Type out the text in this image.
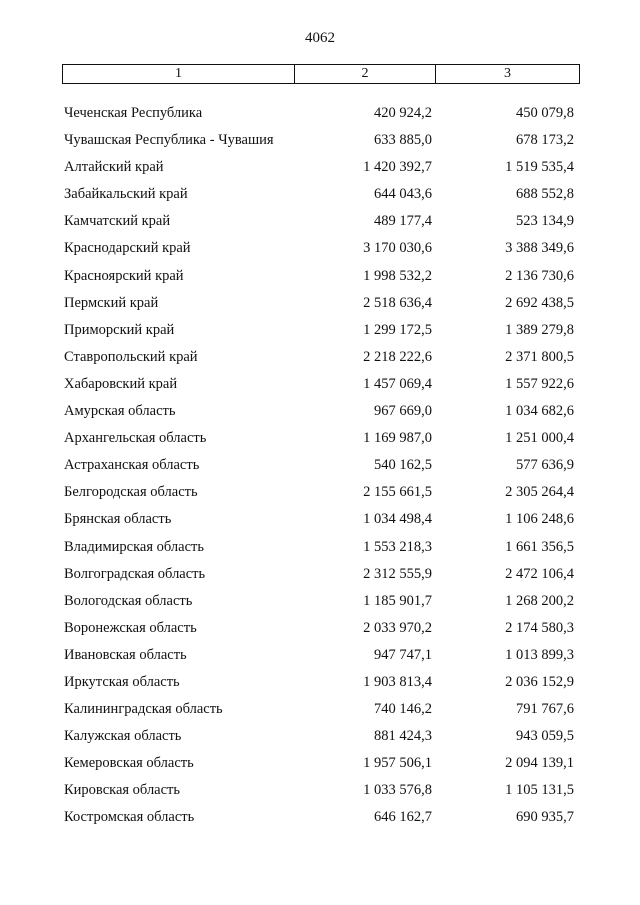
4062
1	2	3
Чеченская Республика	420 924,2	450 079,8
Чувашская Республика - Чувашия	633 885,0	678 173,2
Алтайский край	1 420 392,7	1 519 535,4
Забайкальский край	644 043,6	688 552,8
Камчатский край	489 177,4	523 134,9
Краснодарский край	3 170 030,6	3 388 349,6
Красноярский край	1 998 532,2	2 136 730,6
Пермский край	2 518 636,4	2 692 438,5
Приморский край	1 299 172,5	1 389 279,8
Ставропольский край	2 218 222,6	2 371 800,5
Хабаровский край	1 457 069,4	1 557 922,6
Амурская область	967 669,0	1 034 682,6
Архангельская область	1 169 987,0	1 251 000,4
Астраханская область	540 162,5	577 636,9
Белгородская область	2 155 661,5	2 305 264,4
Брянская область	1 034 498,4	1 106 248,6
Владимирская область	1 553 218,3	1 661 356,5
Волгоградская область	2 312 555,9	2 472 106,4
Вологодская область	1 185 901,7	1 268 200,2
Воронежская область	2 033 970,2	2 174 580,3
Ивановская область	947 747,1	1 013 899,3
Иркутская область	1 903 813,4	2 036 152,9
Калининградская область	740 146,2	791 767,6
Калужская область	881 424,3	943 059,5
Кемеровская область	1 957 506,1	2 094 139,1
Кировская область	1 033 576,8	1 105 131,5
Костромская область	646 162,7	690 935,7
